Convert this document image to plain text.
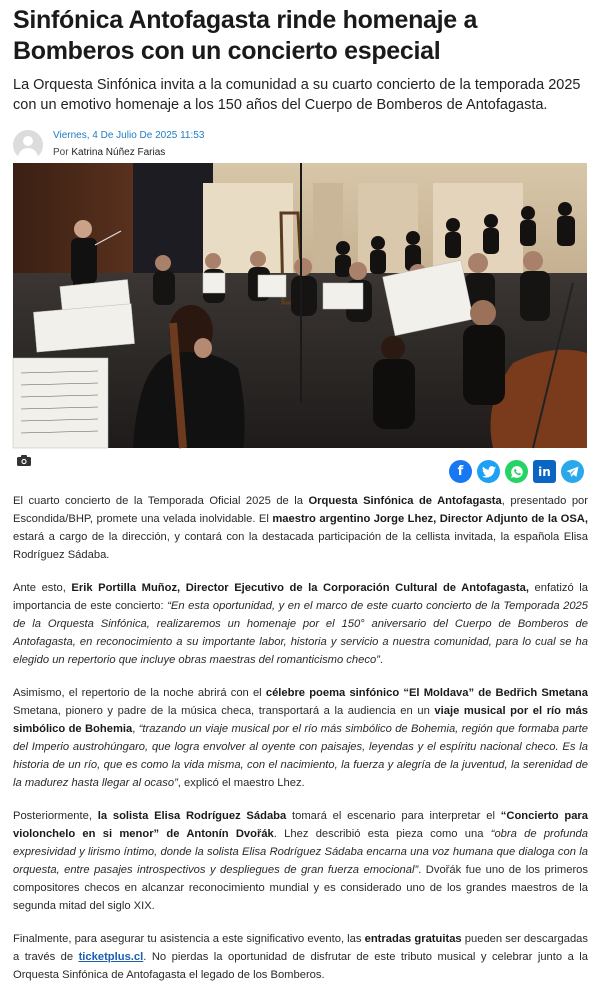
Sinfónica Antofagasta rinde homenaje a Bomberos con un concierto especial

La Orquesta Sinfónica invita a la comunidad a su cuarto concierto de la temporada 2025 con un emotivo homenaje a los 150 años del Cuerpo de Bomberos de Antofagasta.

Viernes, 4 De Julio De 2025 11:53
Por Katrina Núñez Farias
f	in

El cuarto concierto de la Temporada Oficial 2025 de la Orquesta Sinfónica de Antofagasta, presentado por Escondida/BHP, promete una velada inolvidable. El maestro argentino Jorge Lhez, Director Adjunto de la OSA, estará a cargo de la dirección, y contará con la destacada participación de la cellista invitada, la española Elisa Rodríguez Sádaba.

Ante esto, Erik Portilla Muñoz, Director Ejecutivo de la Corporación Cultural de Antofagasta, enfatizó la importancia de este concierto: “En esta oportunidad, y en el marco de este cuarto concierto de la Temporada 2025 de la Orquesta Sinfónica, realizaremos un homenaje por el 150° aniversario del Cuerpo de Bomberos de Antofagasta, en reconocimiento a su importante labor, historia y servicio a nuestra comunidad, para lo cual se ha elegido un repertorio que incluye obras maestras del romanticismo checo”.

Asimismo, el repertorio de la noche abrirá con el célebre poema sinfónico “El Moldava” de Bedřich Smetana Smetana, pionero y padre de la música checa, transportará a la audiencia en un viaje musical por el río más simbólico de Bohemia, “trazando un viaje musical por el río más simbólico de Bohemia, región que formaba parte del Imperio austrohúngaro, que logra envolver al oyente con paisajes, leyendas y el espíritu nacional checo. Es la historia de un río, que es como la vida misma, con el nacimiento, la fuerza y alegría de la juventud, la serenidad de la madurez hasta llegar al ocaso”, explicó el maestro Lhez.

Posteriormente, la solista Elisa Rodríguez Sádaba tomará el escenario para interpretar el “Concierto para violonchelo en si menor” de Antonín Dvořák. Lhez describió esta pieza como una “obra de profunda expresividad y lirismo íntimo, donde la solista Elisa Rodríguez Sádaba encarna una voz humana que dialoga con la orquesta, entre pasajes introspectivos y despliegues de gran fuerza emocional”. Dvořák fue uno de los primeros compositores checos en alcanzar reconocimiento mundial y es considerado uno de los grandes maestros de la segunda mitad del siglo XIX.

Finalmente, para asegurar tu asistencia a este significativo evento, las entradas gratuitas pueden ser descargadas a través de ticketplus.cl. No pierdas la oportunidad de disfrutar de este tributo musical y celebrar junto a la Orquesta Sinfónica de Antofagasta el legado de los Bomberos.
